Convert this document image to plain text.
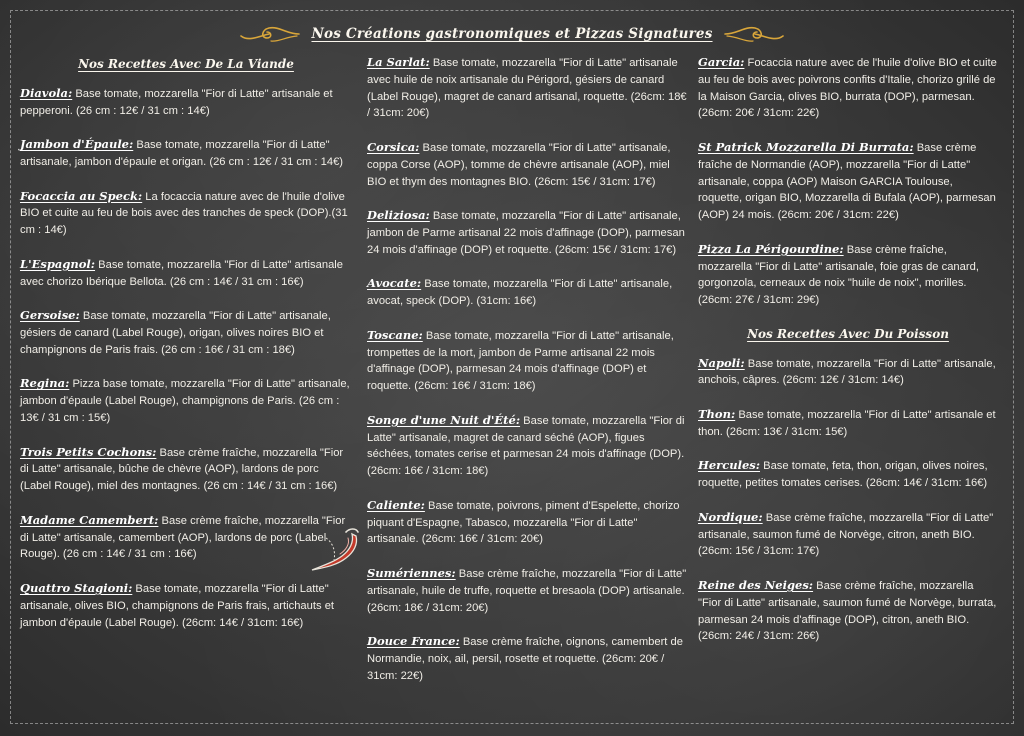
Nos Créations gastronomiques et Pizzas Signatures
Nos Recettes Avec De La Viande
Diavola: Base tomate, mozzarella "Fior di Latte" artisanale et pepperoni. (26 cm : 12€ / 31 cm : 14€)
Jambon d'Épaule: Base tomate, mozzarella "Fior di Latte" artisanale, jambon d'épaule et origan. (26 cm : 12€ / 31 cm : 14€)
Focaccia au Speck: La focaccia nature avec de l'huile d'olive BIO et cuite au feu de bois avec des tranches de speck (DOP).(31 cm : 14€)
L'Espagnol: Base tomate, mozzarella "Fior di Latte" artisanale avec chorizo Ibérique Bellota. (26 cm : 14€ / 31 cm : 16€)
Gersoise: Base tomate, mozzarella "Fior di Latte" artisanale, gésiers de canard (Label Rouge), origan, olives noires BIO et champignons de Paris frais. (26 cm : 16€ / 31 cm : 18€)
Regina: Pizza base tomate, mozzarella "Fior di Latte" artisanale, jambon d'épaule (Label Rouge), champignons de Paris. (26 cm : 13€ / 31 cm : 15€)
Trois Petits Cochons: Base crème fraîche, mozzarella "Fior di Latte" artisanale, bûche de chèvre (AOP), lardons de porc (Label Rouge), miel des montagnes. (26 cm : 14€ / 31 cm : 16€)
Madame Camembert: Base crème fraîche, mozzarella "Fior di Latte" artisanale, camembert (AOP), lardons de porc (Label Rouge). (26 cm : 14€ / 31 cm : 16€)
Quattro Stagioni: Base tomate, mozzarella "Fior di Latte" artisanale, olives BIO, champignons de Paris frais, artichauts et jambon d'épaule (Label Rouge). (26cm: 14€ / 31cm: 16€)
La Sarlat: Base tomate, mozzarella "Fior di Latte" artisanale avec huile de noix artisanale du Périgord, gésiers de canard (Label Rouge), magret de canard artisanal, roquette. (26cm: 18€ / 31cm: 20€)
Corsica: Base tomate, mozzarella "Fior di Latte" artisanale, coppa Corse (AOP), tomme de chèvre artisanale (AOP), miel BIO et thym des montagnes BIO. (26cm: 15€ / 31cm: 17€)
Deliziosa: Base tomate, mozzarella "Fior di Latte" artisanale, jambon de Parme artisanal 22 mois d'affinage (DOP), parmesan 24 mois d'affinage (DOP) et roquette. (26cm: 15€ / 31cm: 17€)
Avocate: Base tomate, mozzarella "Fior di Latte" artisanale, avocat, speck (DOP). (31cm: 16€)
Toscane: Base tomate, mozzarella "Fior di Latte" artisanale, trompettes de la mort, jambon de Parme artisanal 22 mois d'affinage (DOP), parmesan 24 mois d'affinage (DOP) et roquette. (26cm: 16€ / 31cm: 18€)
Songe d'une Nuit d'Été: Base tomate, mozzarella "Fior di Latte" artisanale, magret de canard séché (AOP), figues séchées, tomates cerise et parmesan 24 mois d'affinage (DOP). (26cm: 16€ / 31cm: 18€)
Caliente: Base tomate, poivrons, piment d'Espelette, chorizo piquant d'Espagne, Tabasco, mozzarella "Fior di Latte" artisanale. (26cm: 16€ / 31cm: 20€)
Sumériennes: Base crème fraîche, mozzarella "Fior di Latte" artisanale, huile de truffe, roquette et bresaola (DOP) artisanale. (26cm: 18€ / 31cm: 20€)
Douce France: Base crème fraîche, oignons, camembert de Normandie, noix, ail, persil, rosette et roquette. (26cm: 20€ / 31cm: 22€)
Garcia: Focaccia nature avec de l'huile d'olive BIO et cuite au feu de bois avec poivrons confits d'Italie, chorizo grillé de la Maison Garcia, olives BIO, burrata (DOP), parmesan. (26cm: 20€ / 31cm: 22€)
St Patrick Mozzarella Di Burrata: Base crème fraîche de Normandie (AOP), mozzarella "Fior di Latte" artisanale, coppa (AOP) Maison GARCIA Toulouse, roquette, origan BIO, Mozzarella di Bufala (AOP), parmesan (AOP) 24 mois. (26cm: 20€ / 31cm: 22€)
Pizza La Périgourdine: Base crème fraîche, mozzarella "Fior di Latte" artisanale, foie gras de canard, gorgonzola, cerneaux de noix "huile de noix", morilles. (26cm: 27€ / 31cm: 29€)
Nos Recettes Avec Du Poisson
Napoli: Base tomate, mozzarella "Fior di Latte" artisanale, anchois, câpres. (26cm: 12€ / 31cm: 14€)
Thon: Base tomate, mozzarella "Fior di Latte" artisanale et thon. (26cm: 13€ / 31cm: 15€)
Hercules: Base tomate, feta, thon, origan, olives noires, roquette, petites tomates cerises. (26cm: 14€ / 31cm: 16€)
Nordique: Base crème fraîche, mozzarella "Fior di Latte" artisanale, saumon fumé de Norvège, citron, aneth BIO. (26cm: 15€ / 31cm: 17€)
Reine des Neiges: Base crème fraîche, mozzarella "Fior di Latte" artisanale, saumon fumé de Norvège, burrata, parmesan 24 mois d'affinage (DOP), citron, aneth BIO. (26cm: 24€ / 31cm: 26€)
